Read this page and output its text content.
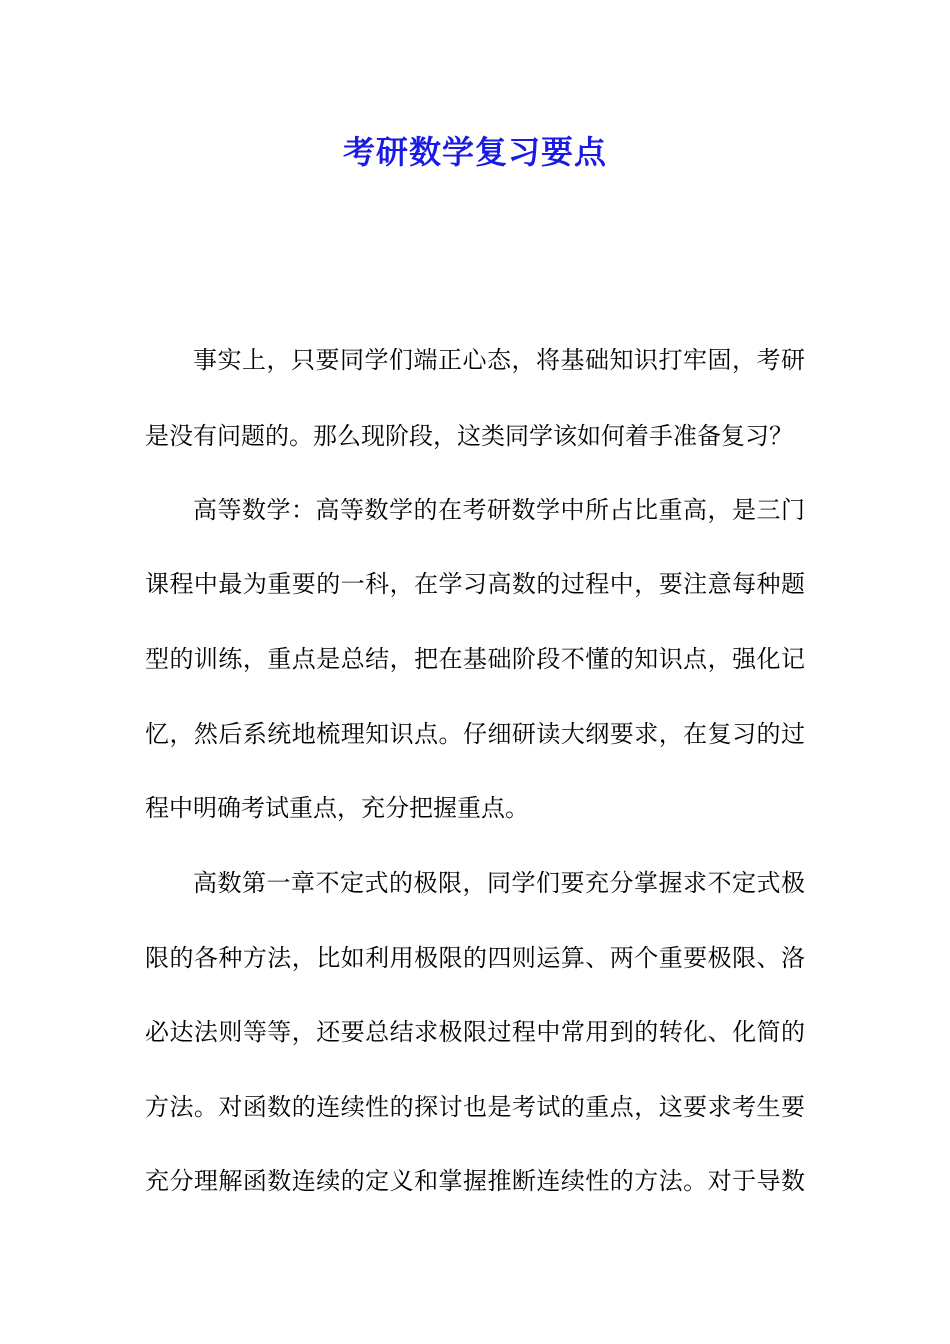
考研数学复习要点

事实上，只要同学们端正心态，将基础知识打牢固，考研

是没有问题的。那么现阶段，这类同学该如何着手准备复习？

高等数学：高等数学的在考研数学中所占比重高，是三门

课程中最为重要的一科，在学习高数的过程中，要注意每种题

型的训练，重点是总结，把在基础阶段不懂的知识点，强化记

忆，然后系统地梳理知识点。仔细研读大纲要求，在复习的过

程中明确考试重点，充分把握重点。

高数第一章不定式的极限，同学们要充分掌握求不定式极

限的各种方法，比如利用极限的四则运算、两个重要极限、洛

必达法则等等，还要总结求极限过程中常用到的转化、化简的

方法。对函数的连续性的探讨也是考试的重点，这要求考生要

充分理解函数连续的定义和掌握推断连续性的方法。对于导数
